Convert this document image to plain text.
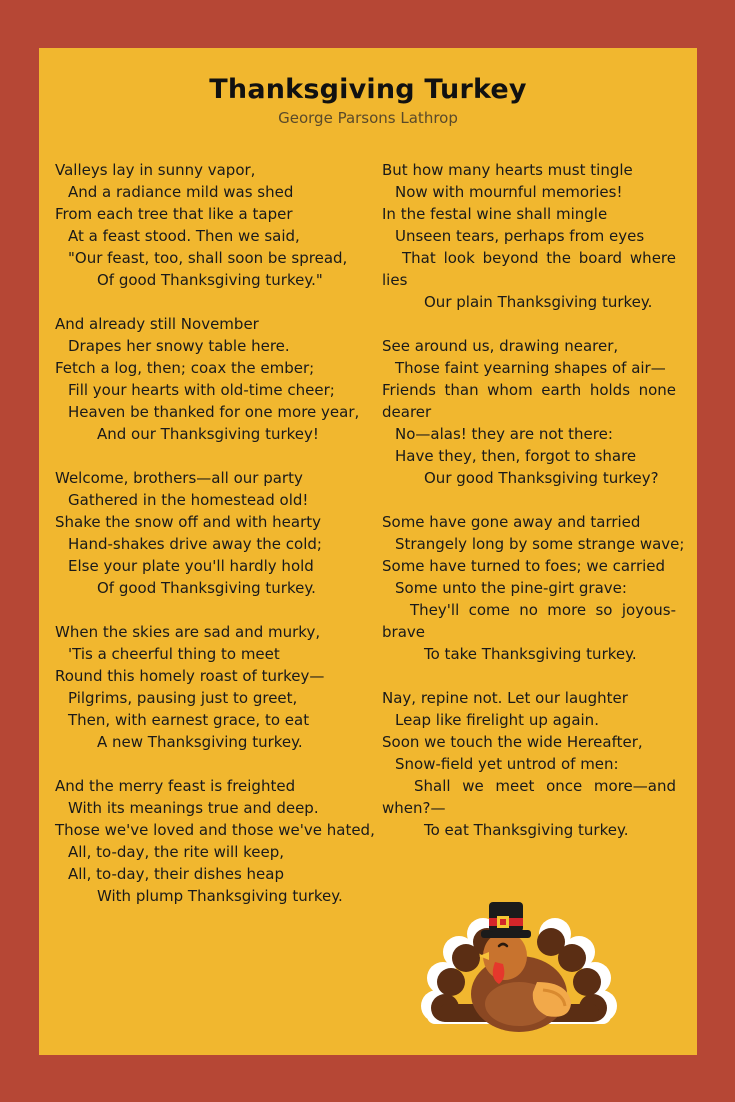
Thanksgiving Turkey
George Parsons Lathrop
Valleys lay in sunny vapor,
And a radiance mild was shed
From each tree that like a taper
At a feast stood. Then we said,
"Our feast, too, shall soon be spread,
Of good Thanksgiving turkey."
And already still November
Drapes her snowy table here.
Fetch a log, then; coax the ember;
Fill your hearts with old-time cheer;
Heaven be thanked for one more year,
And our Thanksgiving turkey!
Welcome, brothers—all our party
Gathered in the homestead old!
Shake the snow off and with hearty
Hand-shakes drive away the cold;
Else your plate you'll hardly hold
Of good Thanksgiving turkey.
When the skies are sad and murky,
'Tis a cheerful thing to meet
Round this homely roast of turkey—
Pilgrims, pausing just to greet,
Then, with earnest grace, to eat
A new Thanksgiving turkey.
And the merry feast is freighted
With its meanings true and deep.
Those we've loved and those we've hated,
All, to-day, the rite will keep,
All, to-day, their dishes heap
With plump Thanksgiving turkey.
But how many hearts must tingle
Now with mournful memories!
In the festal wine shall mingle
Unseen tears, perhaps from eyes
That look beyond the board where lies
Our plain Thanksgiving turkey.
See around us, drawing nearer,
Those faint yearning shapes of air—
Friends than whom earth holds none dearer
No—alas! they are not there:
Have they, then, forgot to share
Our good Thanksgiving turkey?
Some have gone away and tarried
Strangely long by some strange wave;
Some have turned to foes; we carried
Some unto the pine-girt grave:
They'll come no more so joyous-brave
To take Thanksgiving turkey.
Nay, repine not. Let our laughter
Leap like firelight up again.
Soon we touch the wide Hereafter,
Snow-field yet untrod of men:
Shall we meet once more—and when?—
To eat Thanksgiving turkey.
